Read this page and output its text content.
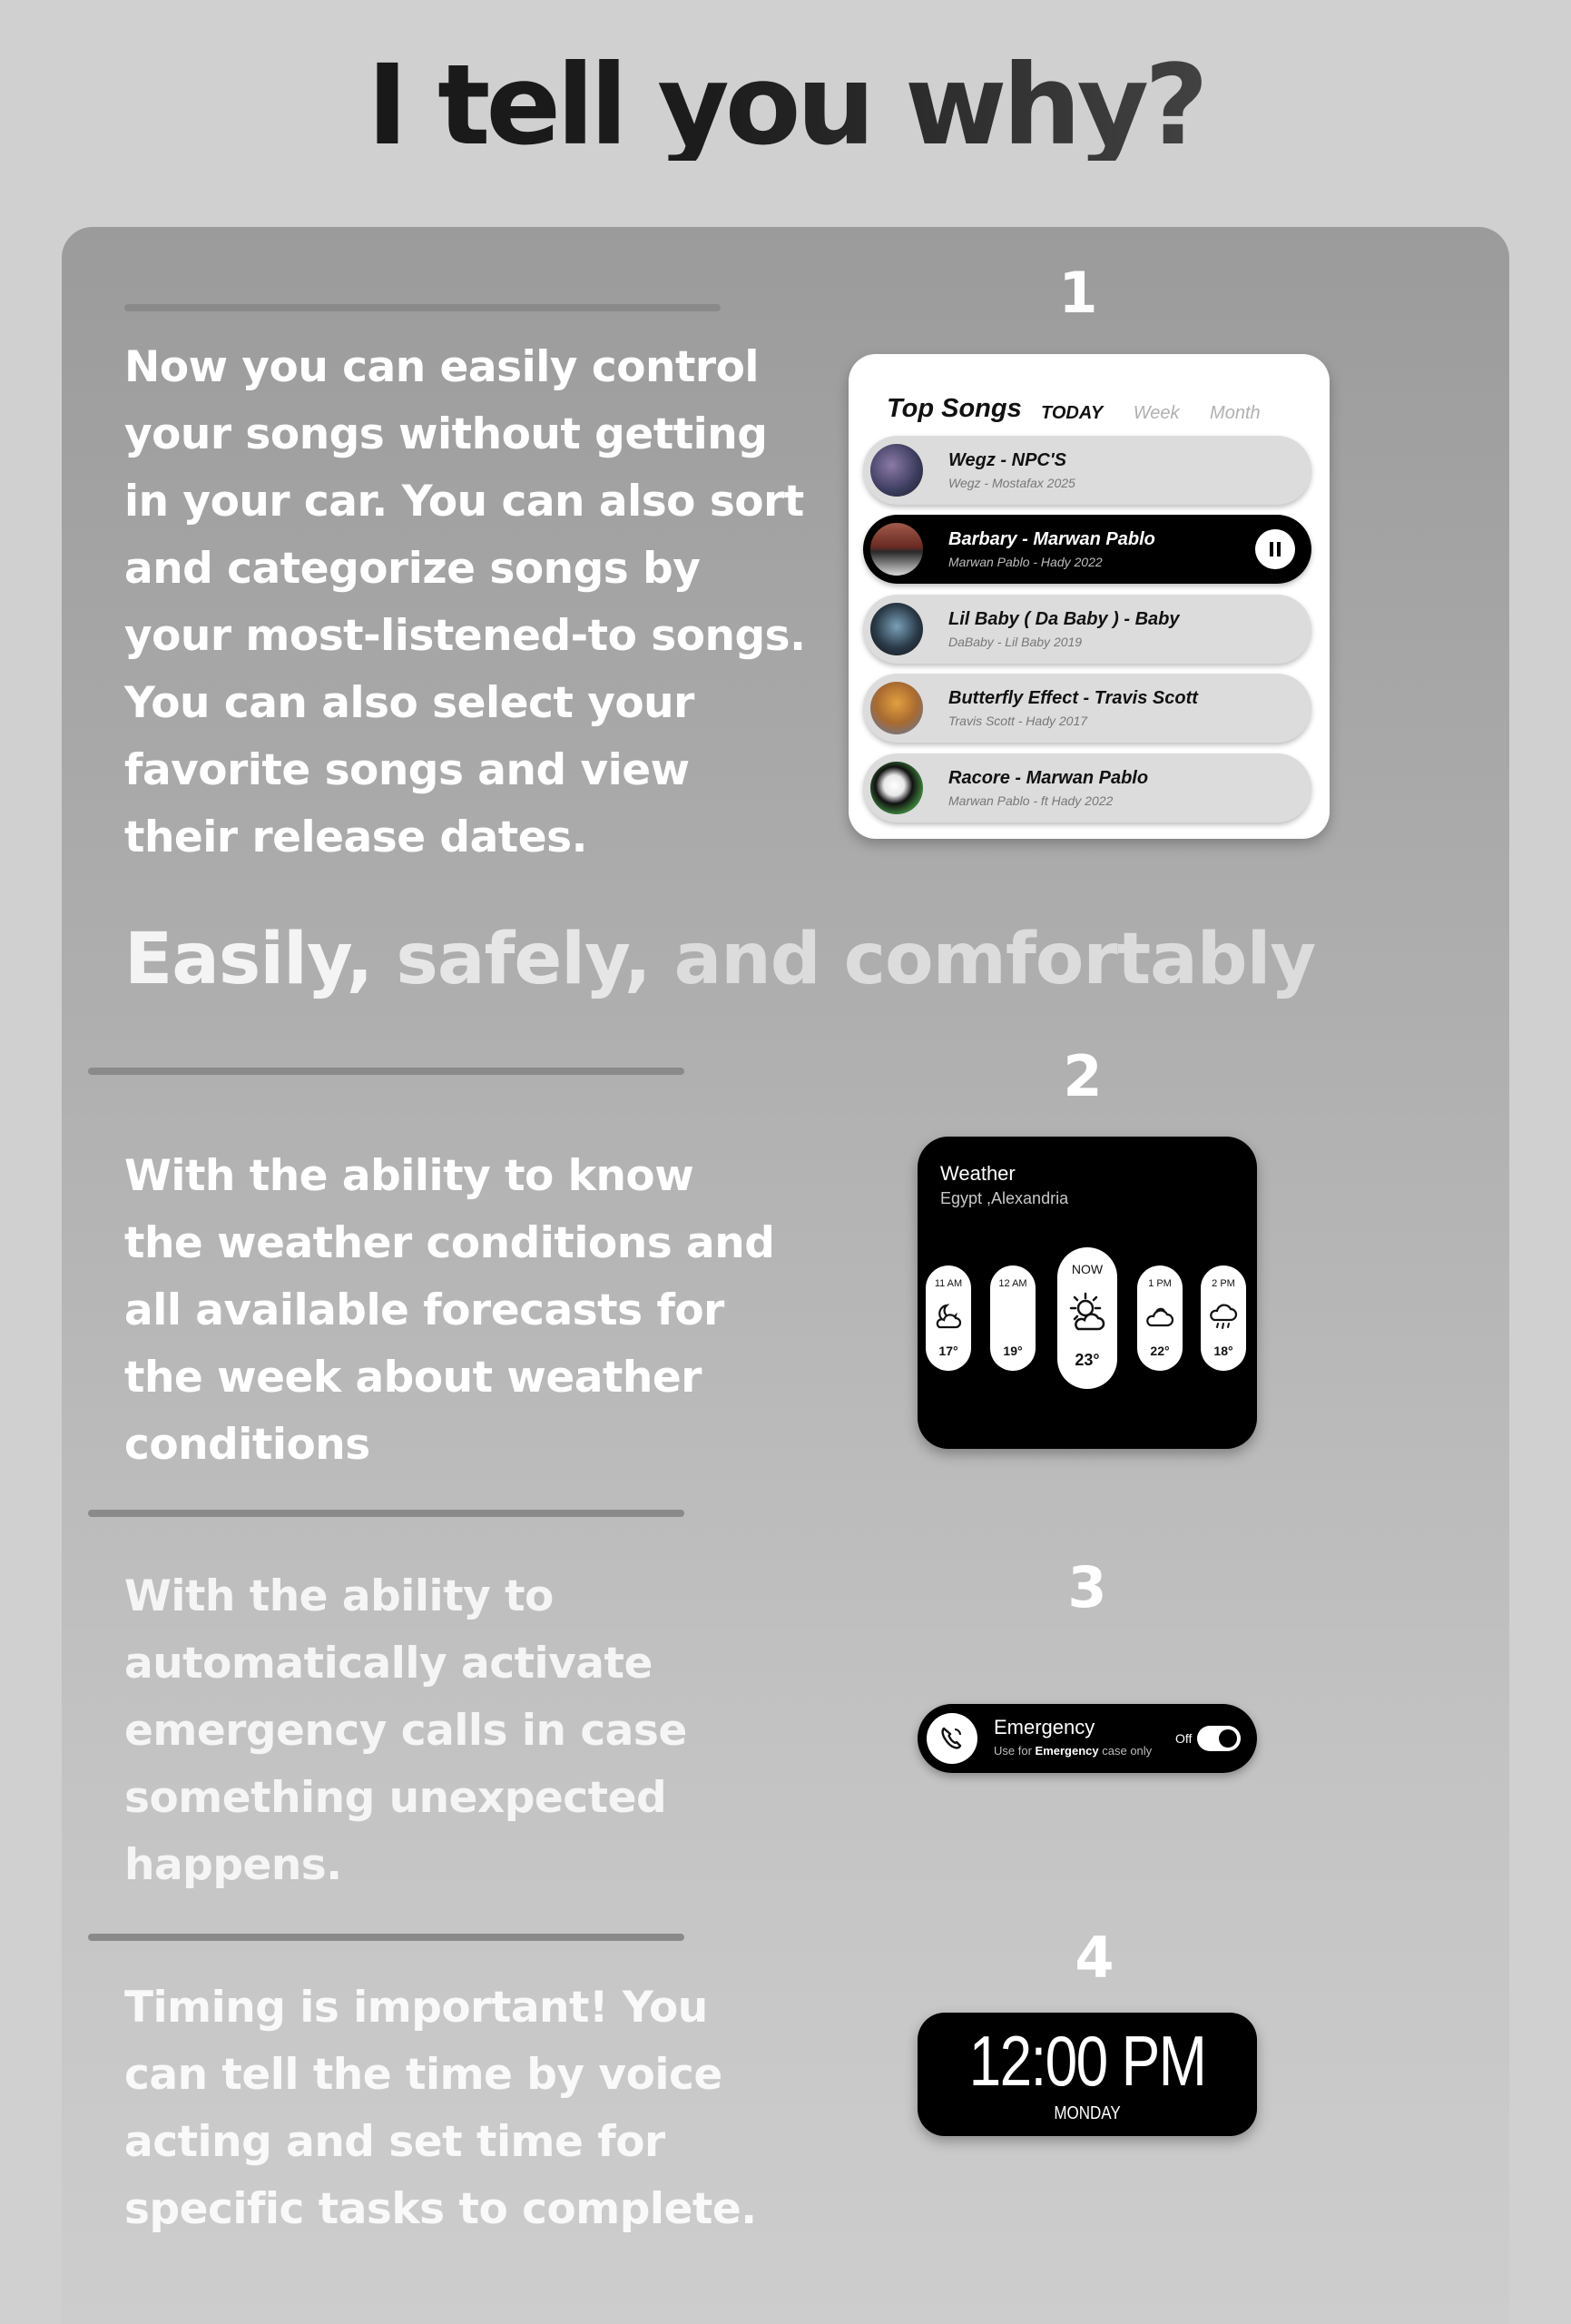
I tell you why?
1

Now you can easily control your songs without getting in your car. You can also sort and categorize songs by your most-listened-to songs. You can also select your favorite songs and view their release dates.

Top Songs TODAY Week Month
Wegz - NPC'S
Wegz - Mostafax 2025
Barbary - Marwan Pablo
Marwan Pablo - Hady 2022
Lil Baby ( Da Baby ) - Baby
DaBaby - Lil Baby 2019
Butterfly Effect - Travis Scott
Travis Scott - Hady 2017
Racore - Marwan Pablo
Marwan Pablo - ft Hady 2022

Easily, safely, and comfortably

2

With the ability to know the weather conditions and all available forecasts for the week about weather conditions

Weather
Egypt ,Alexandria
11 AM
17°
12 AM
19°
NOW
23°
1 PM
22°
2 PM
18°
3

With the ability to automatically activate emergency calls in case something unexpected happens.

Emergency
Use for Emergency case only
Off
4

Timing is important! You can tell the time by voice acting and set time for specific tasks to complete.

12:00 PM
MONDAY
